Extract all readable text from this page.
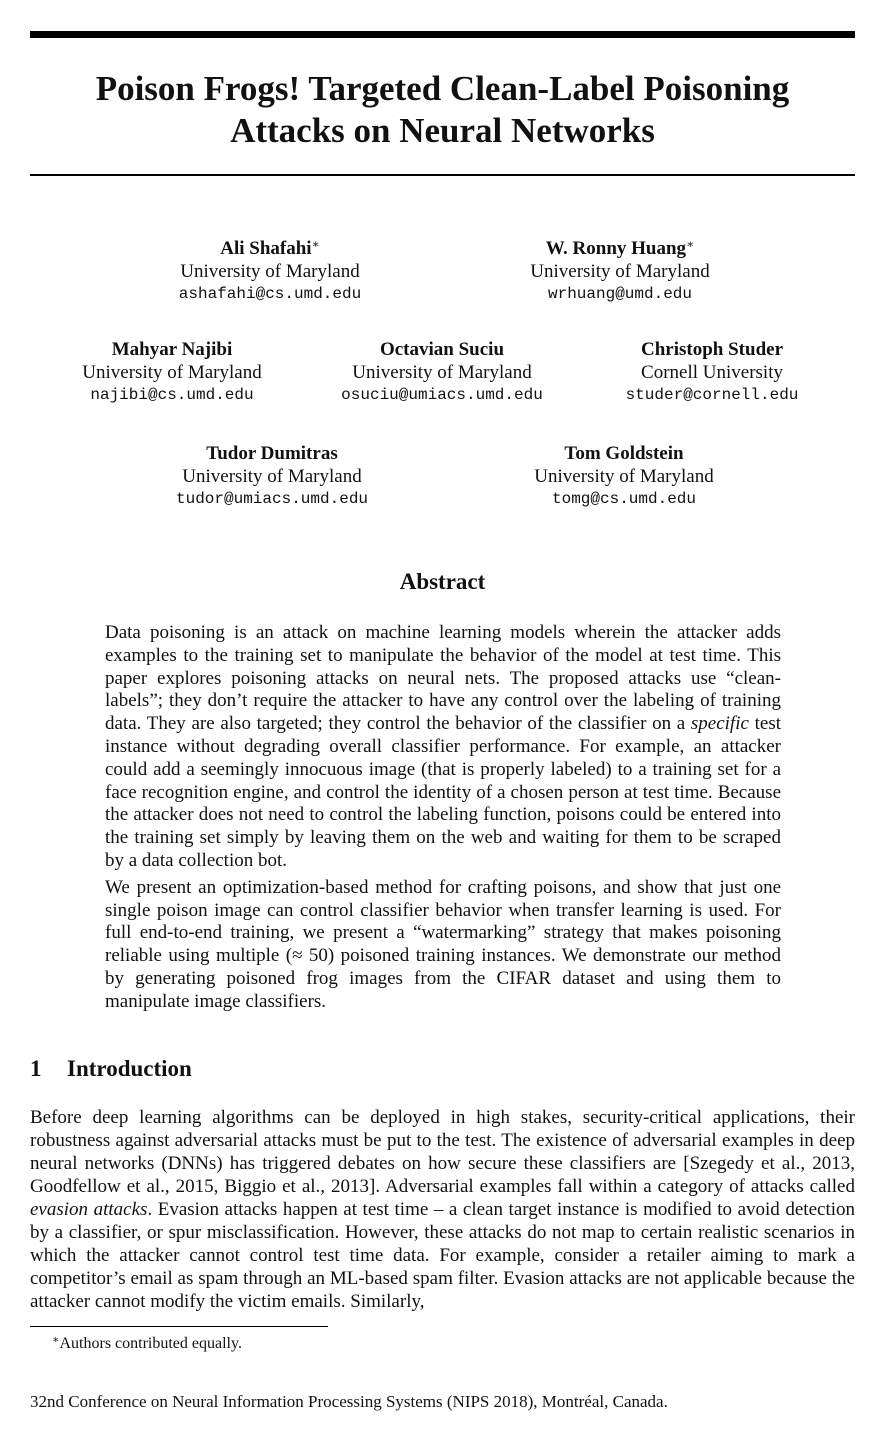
Poison Frogs! Targeted Clean-Label Poisoning
Attacks on Neural Networks
Ali Shafahi∗
University of Maryland
ashafahi@cs.umd.edu
W. Ronny Huang∗
University of Maryland
wrhuang@umd.edu
Mahyar Najibi
University of Maryland
najibi@cs.umd.edu
Octavian Suciu
University of Maryland
osuciu@umiacs.umd.edu
Christoph Studer
Cornell University
studer@cornell.edu
Tudor Dumitras
University of Maryland
tudor@umiacs.umd.edu
Tom Goldstein
University of Maryland
tomg@cs.umd.edu
Abstract

Data poisoning is an attack on machine learning models wherein the attacker adds examples to the training set to manipulate the behavior of the model at test time. This paper explores poisoning attacks on neural nets. The proposed attacks use “clean-labels”; they don’t require the attacker to have any control over the labeling of training data. They are also targeted; they control the behavior of the classifier on a specific test instance without degrading overall classifier performance. For example, an attacker could add a seemingly innocuous image (that is properly labeled) to a training set for a face recognition engine, and control the identity of a chosen person at test time. Because the attacker does not need to control the labeling function, poisons could be entered into the training set simply by leaving them on the web and waiting for them to be scraped by a data collection bot.

We present an optimization-based method for crafting poisons, and show that just one single poison image can control classifier behavior when transfer learning is used. For full end-to-end training, we present a “watermarking” strategy that makes poisoning reliable using multiple (≈ 50) poisoned training instances. We demonstrate our method by generating poisoned frog images from the CIFAR dataset and using them to manipulate image classifiers.

1 Introduction

Before deep learning algorithms can be deployed in high stakes, security-critical applications, their robustness against adversarial attacks must be put to the test. The existence of adversarial examples in deep neural networks (DNNs) has triggered debates on how secure these classifiers are [Szegedy et al., 2013, Goodfellow et al., 2015, Biggio et al., 2013]. Adversarial examples fall within a category of attacks called evasion attacks. Evasion attacks happen at test time – a clean target instance is modified to avoid detection by a classifier, or spur misclassification. However, these attacks do not map to certain realistic scenarios in which the attacker cannot control test time data. For example, consider a retailer aiming to mark a competitor’s email as spam through an ML-based spam filter. Evasion attacks are not applicable because the attacker cannot modify the victim emails. Similarly,

∗Authors contributed equally.
32nd Conference on Neural Information Processing Systems (NIPS 2018), Montréal, Canada.
